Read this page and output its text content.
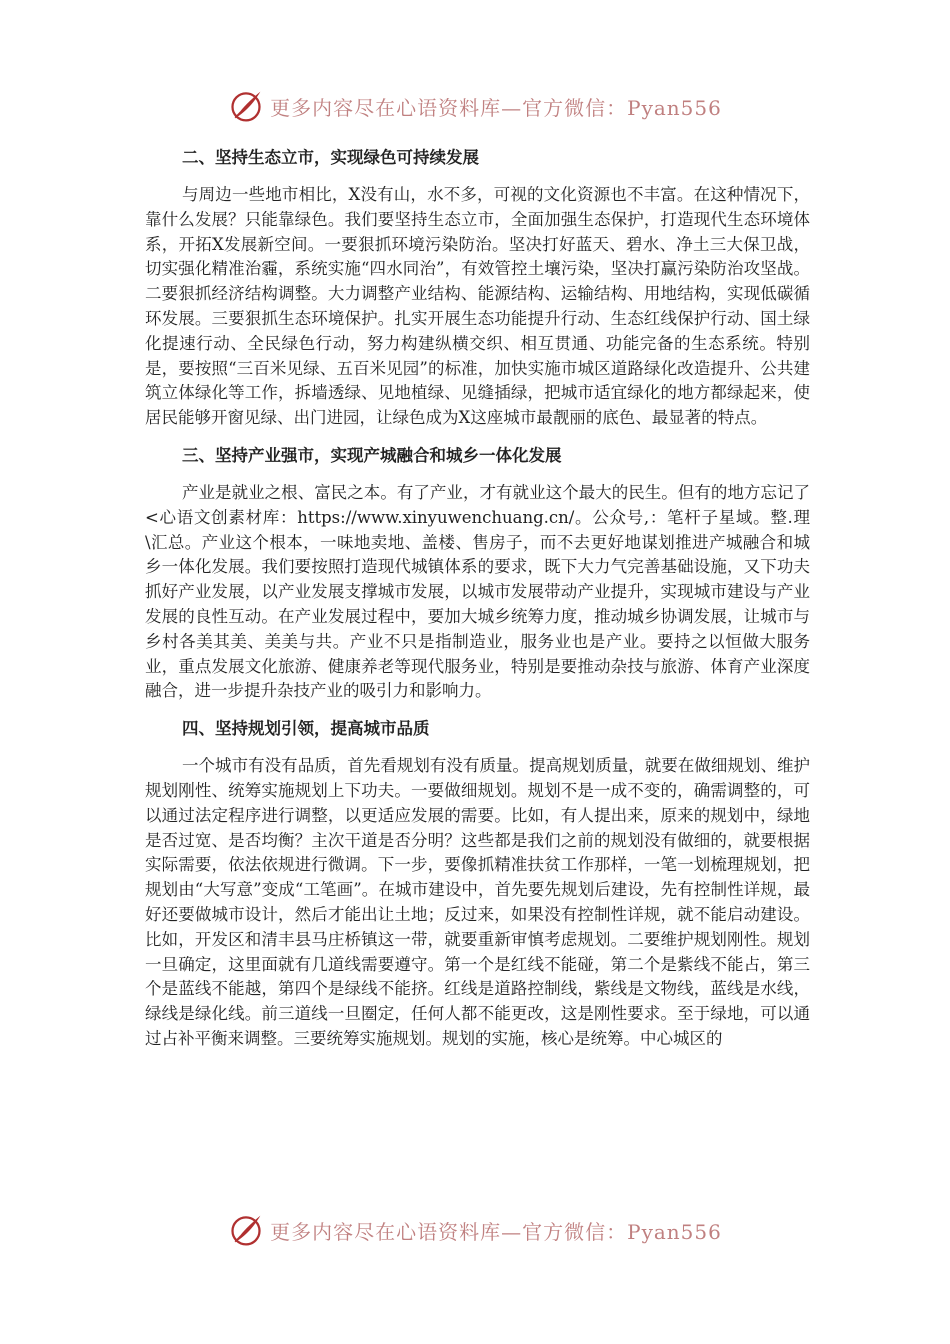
更多内容尽在心语资料库—官方微信：Pyan556
二、坚持生态立市，实现绿色可持续发展

与周边一些地市相比，X没有山，水不多，可视的文化资源也不丰富。在这种情况下，靠什么发展？只能靠绿色。我们要坚持生态立市，全面加强生态保护，打造现代生态环境体系，开拓X发展新空间。一要狠抓环境污染防治。坚决打好蓝天、碧水、净土三大保卫战，切实强化精准治霾，系统实施“四水同治”，有效管控土壤污染，坚决打赢污染防治攻坚战。二要狠抓经济结构调整。大力调整产业结构、能源结构、运输结构、用地结构，实现低碳循环发展。三要狠抓生态环境保护。扎实开展生态功能提升行动、生态红线保护行动、国土绿化提速行动、全民绿色行动，努力构建纵横交织、相互贯通、功能完备的生态系统。特别是，要按照“三百米见绿、五百米见园”的标准，加快实施市城区道路绿化改造提升、公共建筑立体绿化等工作，拆墙透绿、见地植绿、见缝插绿，把城市适宜绿化的地方都绿起来，使居民能够开窗见绿、出门进园，让绿色成为X这座城市最靓丽的底色、最显著的特点。

三、坚持产业强市，实现产城融合和城乡一体化发展

产业是就业之根、富民之本。有了产业，才有就业这个最大的民生。但有的地方忘记了<心语文创素材库：https://www.xinyuwenchuang.cn/。公众号,：笔杆子星域。整.理\汇总。产业这个根本，一味地卖地、盖楼、售房子，而不去更好地谋划推进产城融合和城乡一体化发展。我们要按照打造现代城镇体系的要求，既下大力气完善基础设施，又下功夫抓好产业发展，以产业发展支撑城市发展，以城市发展带动产业提升，实现城市建设与产业发展的良性互动。在产业发展过程中，要加大城乡统筹力度，推动城乡协调发展，让城市与乡村各美其美、美美与共。产业不只是指制造业，服务业也是产业。要持之以恒做大服务业，重点发展文化旅游、健康养老等现代服务业，特别是要推动杂技与旅游、体育产业深度融合，进一步提升杂技产业的吸引力和影响力。

四、坚持规划引领，提高城市品质

一个城市有没有品质，首先看规划有没有质量。提高规划质量，就要在做细规划、维护规划刚性、统筹实施规划上下功夫。一要做细规划。规划不是一成不变的，确需调整的，可以通过法定程序进行调整，以更适应发展的需要。比如，有人提出来，原来的规划中，绿地是否过宽、是否均衡？主次干道是否分明？这些都是我们之前的规划没有做细的，就要根据实际需要，依法依规进行微调。下一步，要像抓精准扶贫工作那样，一笔一划梳理规划，把规划由“大写意”变成“工笔画”。在城市建设中，首先要先规划后建设，先有控制性详规，最好还要做城市设计，然后才能出让土地；反过来，如果没有控制性详规，就不能启动建设。比如，开发区和清丰县马庄桥镇这一带，就要重新审慎考虑规划。二要维护规划刚性。规划一旦确定，这里面就有几道线需要遵守。第一个是红线不能碰，第二个是紫线不能占，第三个是蓝线不能越，第四个是绿线不能挤。红线是道路控制线，紫线是文物线，蓝线是水线，绿线是绿化线。前三道线一旦圈定，任何人都不能更改，这是刚性要求。至于绿地，可以通过占补平衡来调整。三要统筹实施规划。规划的实施，核心是统筹。中心城区的

更多内容尽在心语资料库—官方微信：Pyan556
